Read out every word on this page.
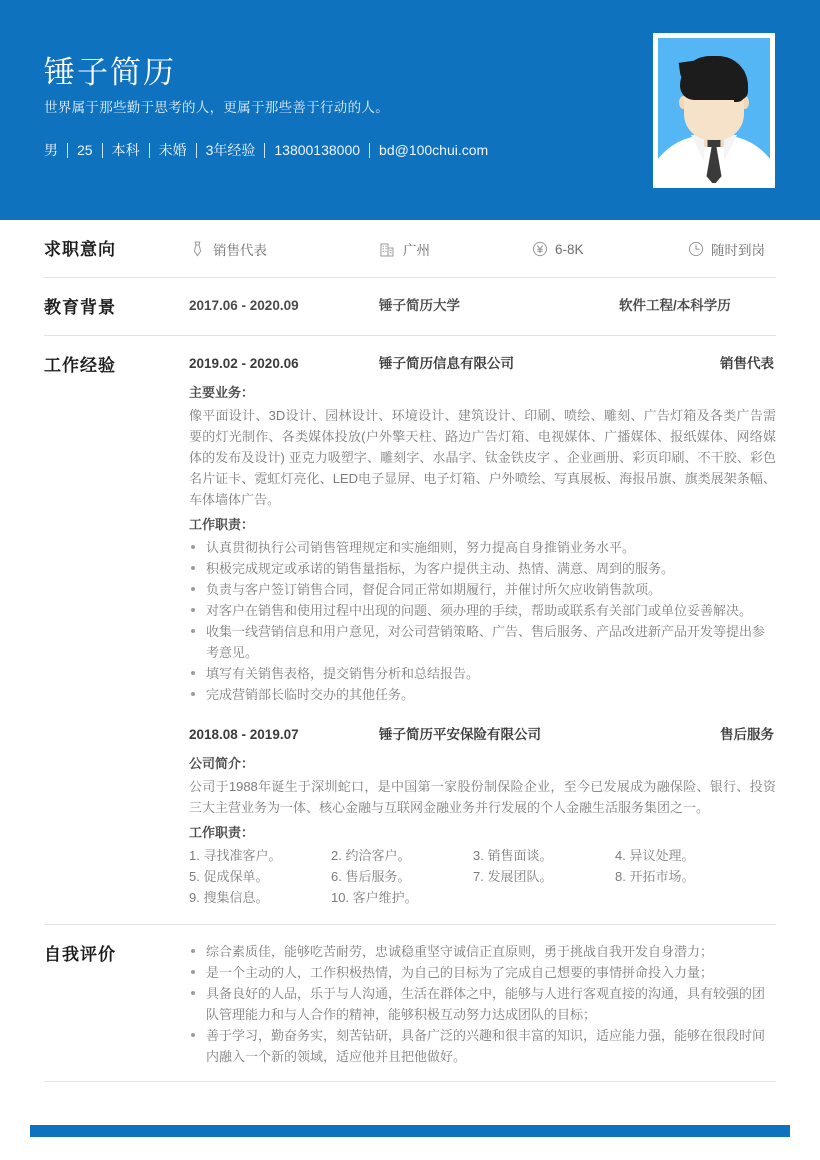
锤子简历
世界属于那些勤于思考的人，更属于那些善于行动的人。
男 25 本科 未婚 3年经验 13800138000 bd@100chui.com
求职意向	销售代表	广州	6-8K	随时到岗
教育背景	2017.06 - 2020.09	锤子简历大学	软件工程/本科学历
工作经验	2019.02 - 2020.06	锤子简历信息有限公司	销售代表
主要业务：

像平面设计、3D设计、园林设计、环境设计、建筑设计、印刷、喷绘、雕刻、广告灯箱及各类广告需要的灯光制作、各类媒体投放(户外擎天柱、路边广告灯箱、电视媒体、广播媒体、报纸媒体、网络媒体的发布及设计) 亚克力吸塑字、雕刻字、水晶字、钛金铁皮字 、企业画册、彩页印刷、不干胶、彩色名片证卡、霓虹灯亮化、LED电子显屏、电子灯箱、户外喷绘、写真展板、海报吊旗、旗类展架条幅、车体墙体广告。

工作职责：
认真贯彻执行公司销售管理规定和实施细则，努力提高自身推销业务水平。
积极完成规定或承诺的销售量指标，为客户提供主动、热情、满意、周到的服务。
负责与客户签订销售合同，督促合同正常如期履行，并催讨所欠应收销售款项。
对客户在销售和使用过程中出现的问题、须办理的手续，帮助或联系有关部门或单位妥善解决。
收集一线营销信息和用户意见，对公司营销策略、广告、售后服务、产品改进新产品开发等提出参考意见。
填写有关销售表格，提交销售分析和总结报告。
完成营销部长临时交办的其他任务。
2018.08 - 2019.07	锤子简历平安保险有限公司	售后服务
公司简介：

公司于1988年诞生于深圳蛇口，是中国第一家股份制保险企业，至今已发展成为融保险、银行、投资三大主营业务为一体、核心金融与互联网金融业务并行发展的个人金融生活服务集团之一。

工作职责：
1. 寻找准客户。	2. 约洽客户。	3. 销售面谈。	4. 异议处理。
5. 促成保单。	6. 售后服务。	7. 发展团队。	8. 开拓市场。
9. 搜集信息。	10. 客户维护。
自我评价	综合素质佳，能够吃苦耐劳，忠诚稳重坚守诚信正直原则，勇于挑战自我开发自身潜力；
是一个主动的人，工作积极热情，为自己的目标为了完成自己想要的事情拼命投入力量；
具备良好的人品，乐于与人沟通，生活在群体之中，能够与人进行客观直接的沟通，具有较强的团队管理能力和与人合作的精神，能够积极互动努力达成团队的目标；
善于学习，勤奋务实，刻苦钻研，具备广泛的兴趣和很丰富的知识，适应能力强，能够在很段时间内融入一个新的领域，适应他并且把他做好。
